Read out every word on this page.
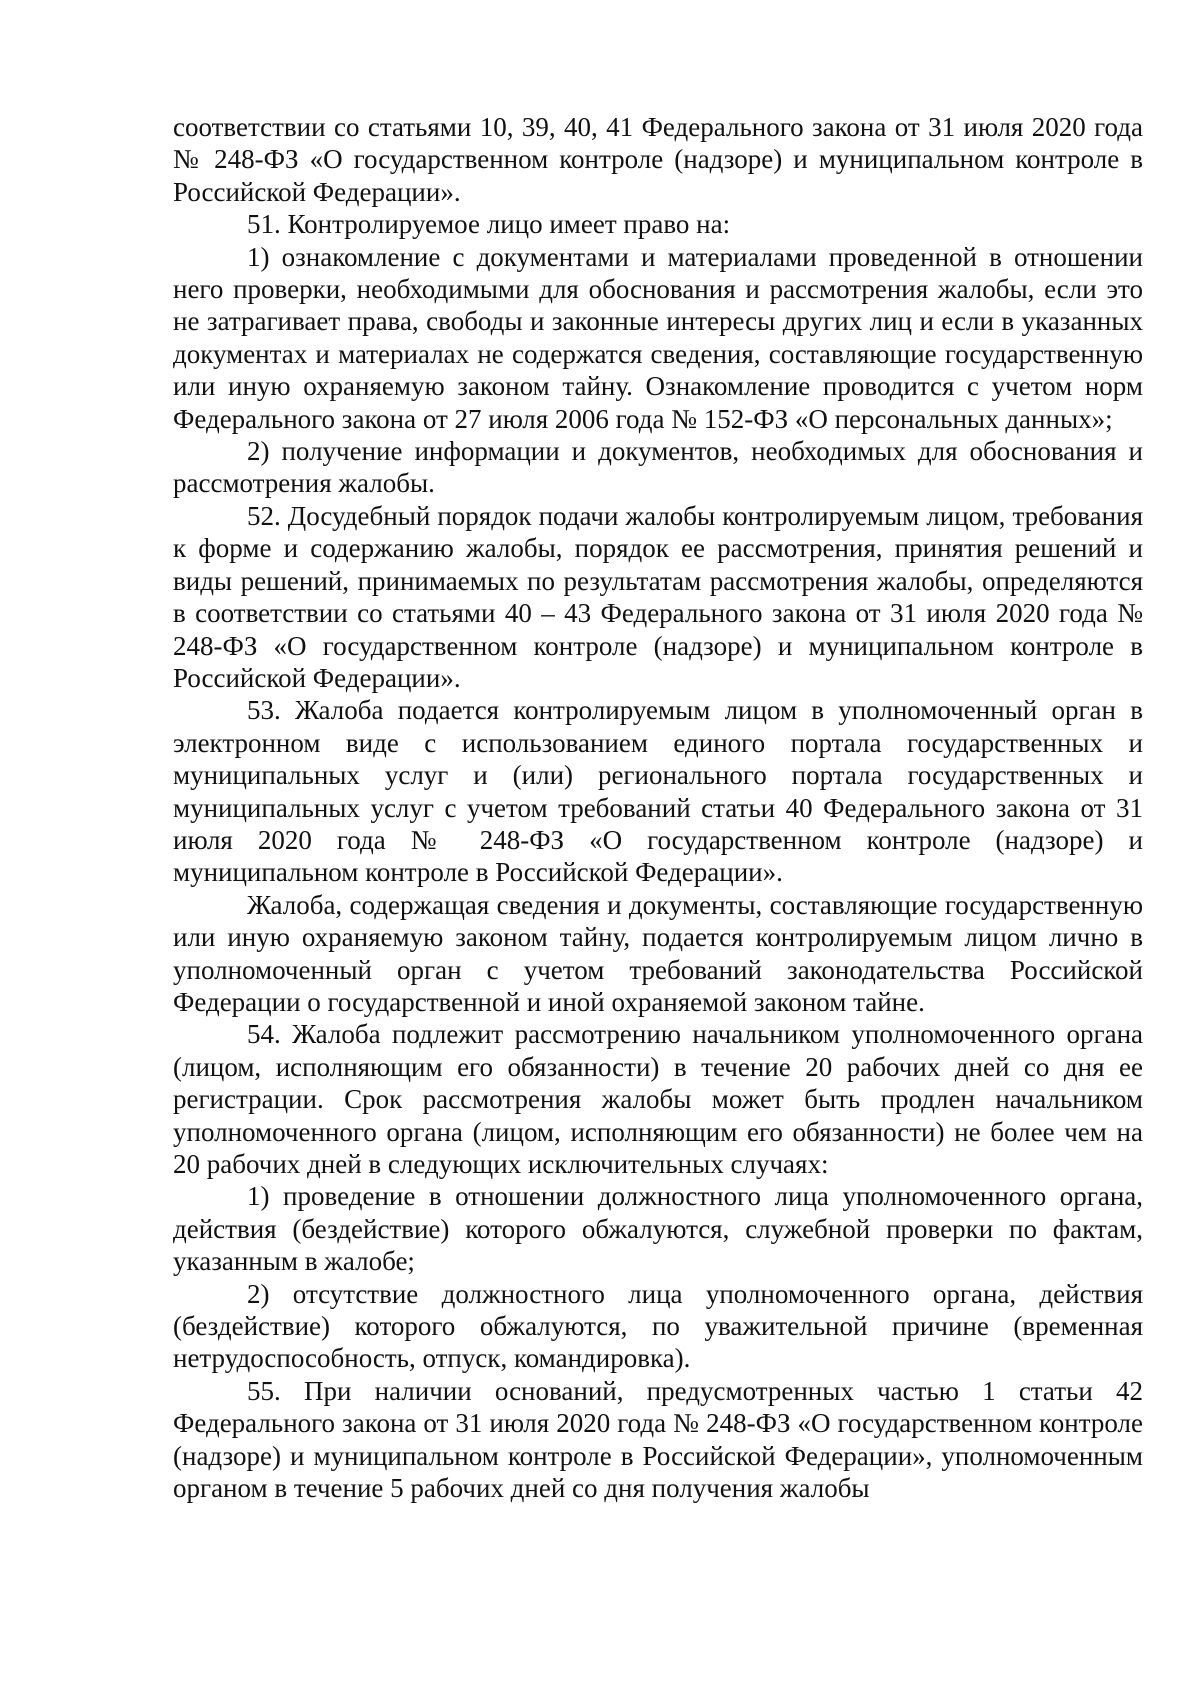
соответствии со статьями 10, 39, 40, 41 Федерального закона от 31 июля 2020 года № 248-ФЗ «О государственном контроле (надзоре) и муниципальном контроле в Российской Федерации».

51. Контролируемое лицо имеет право на:

1) ознакомление с документами и материалами проведенной в отношении него проверки, необходимыми для обоснования и рассмотрения жалобы, если это не затрагивает права, свободы и законные интересы других лиц и если в указанных документах и материалах не содержатся сведения, составляющие государственную или иную охраняемую законом тайну. Ознакомление проводится с учетом норм Федерального закона от 27 июля 2006 года № 152-ФЗ «О персональных данных»;

2) получение информации и документов, необходимых для обоснования и рассмотрения жалобы.

52. Досудебный порядок подачи жалобы контролируемым лицом, требования к форме и содержанию жалобы, порядок ее рассмотрения, принятия решений и виды решений, принимаемых по результатам рассмотрения жалобы, определяются в соответствии со статьями 40 – 43 Федерального закона от 31 июля 2020 года № 248-ФЗ «О государственном контроле (надзоре) и муниципальном контроле в Российской Федерации».

53. Жалоба подается контролируемым лицом в уполномоченный орган в электронном виде с использованием единого портала государственных и муниципальных услуг и (или) регионального портала государственных и муниципальных услуг с учетом требований статьи 40 Федерального закона от 31 июля 2020 года № 248-ФЗ «О государственном контроле (надзоре) и муниципальном контроле в Российской Федерации».

Жалоба, содержащая сведения и документы, составляющие государственную или иную охраняемую законом тайну, подается контролируемым лицом лично в уполномоченный орган с учетом требований законодательства Российской Федерации о государственной и иной охраняемой законом тайне.

54. Жалоба подлежит рассмотрению начальником уполномоченного органа (лицом, исполняющим его обязанности) в течение 20 рабочих дней со дня ее регистрации. Срок рассмотрения жалобы может быть продлен начальником уполномоченного органа (лицом, исполняющим его обязанности) не более чем на 20 рабочих дней в следующих исключительных случаях:

1) проведение в отношении должностного лица уполномоченного органа, действия (бездействие) которого обжалуются, служебной проверки по фактам, указанным в жалобе;

2) отсутствие должностного лица уполномоченного органа, действия (бездействие) которого обжалуются, по уважительной причине (временная нетрудоспособность, отпуск, командировка).

55. При наличии оснований, предусмотренных частью 1 статьи 42 Федерального закона от 31 июля 2020 года № 248-ФЗ «О государственном контроле (надзоре) и муниципальном контроле в Российской Федерации», уполномоченным органом в течение 5 рабочих дней со дня получения жалобы
